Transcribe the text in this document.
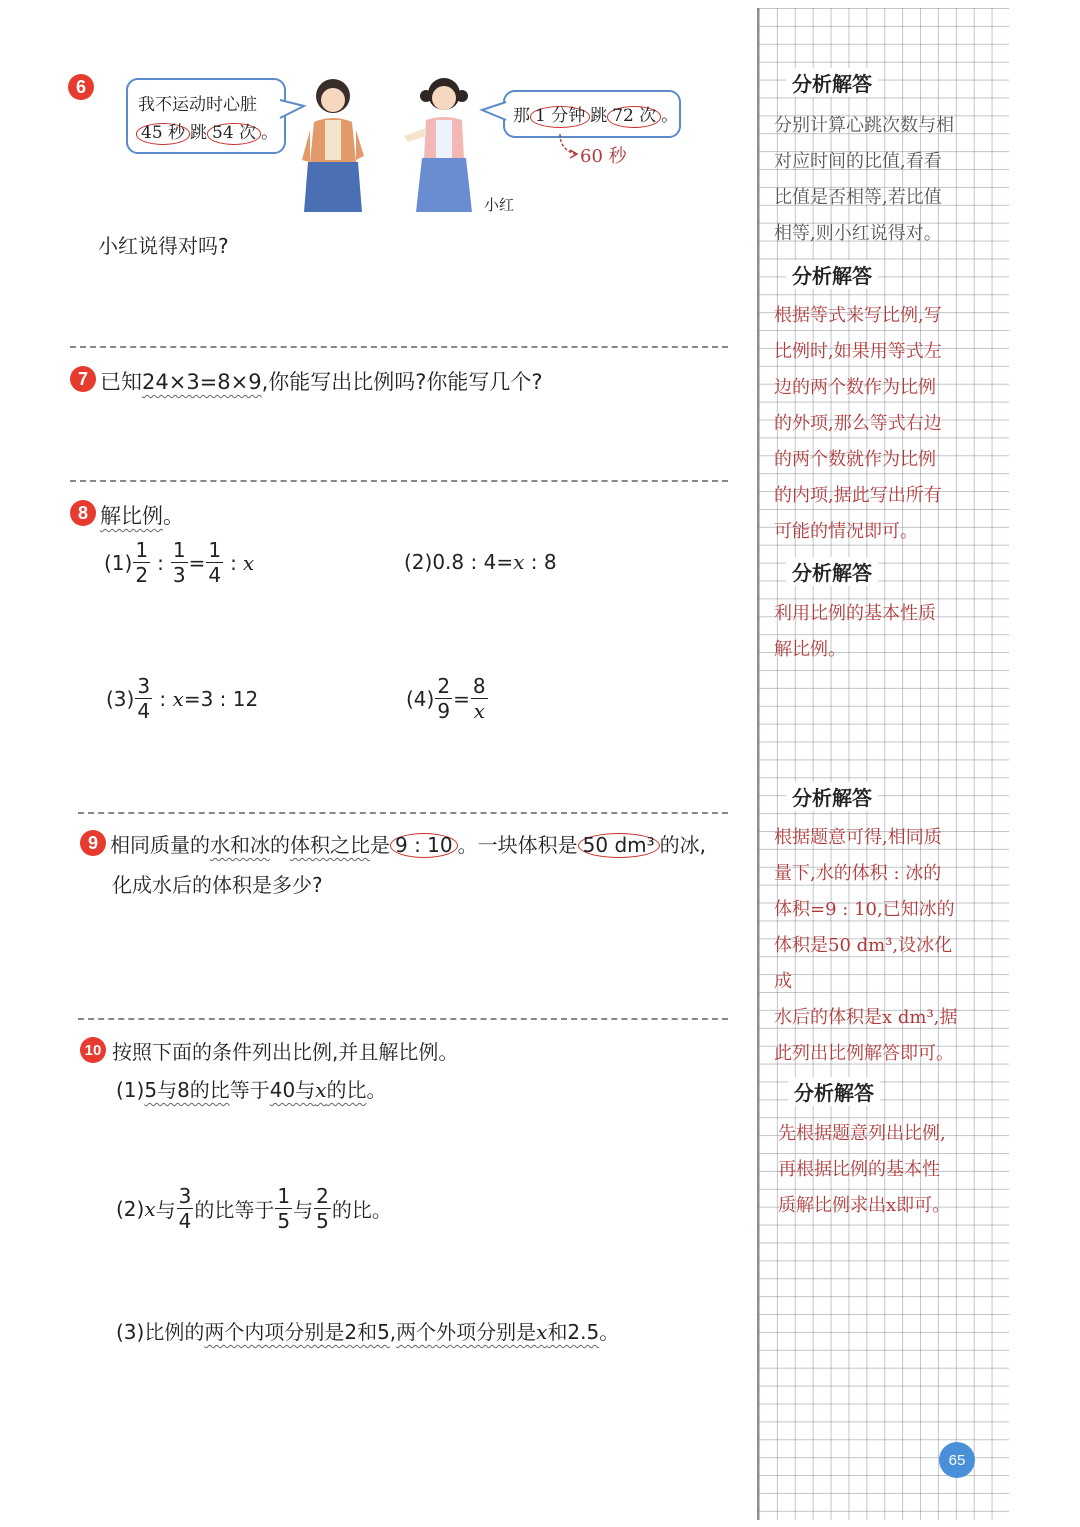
6
我不运动时心脏
45 秒 跳 54 次 。
那 1 分钟 跳 72 次 。
60 秒
小红
小红说得对吗?
7 已知24×3=8×9,你能写出比例吗?你能写几个?
8 解比例。
$(1) \frac{1}{2}$ : $\frac{1}{3} = \frac{1}{4}$ : x	(2)0.8 : 4=x : 8
$(3) \frac{3}{4}$ : x =3 : 12	$(4) \frac{2}{9} = \frac{8}{x}$
9 相同质量的水和冰的体积之比是 9 : 10 。一块体积是 50 dm³ 的冰,
化成水后的体积是多少?
10 按照下面的条件列出比例,并且解比例。
(1)5与8的比等于40与x的比。
(2) x 与 $\frac{3}{4}$ 的比等于 $\frac{1}{5}$ 与 $\frac{2}{5}$ 的比。
(3)比例的两个内项分别是2和5,两个外项分别是x和2.5。
分析解答
分别计算心跳次数与相
对应时间的比值,看看
比值是否相等,若比值
相等,则小红说得对。
分析解答
根据等式来写比例,写
比例时,如果用等式左
边的两个数作为比例
的外项,那么等式右边
的两个数就作为比例
的内项,据此写出所有
可能的情况即可。
分析解答
利用比例的基本性质
解比例。
分析解答
根据题意可得,相同质
量下,水的体积 : 冰的
体积=9 : 10,已知冰的
体积是50 dm³,设冰化成
水后的体积是x dm³,据
此列出比例解答即可。
分析解答
先根据题意列出比例,
再根据比例的基本性
质解比例求出x即可。
65
